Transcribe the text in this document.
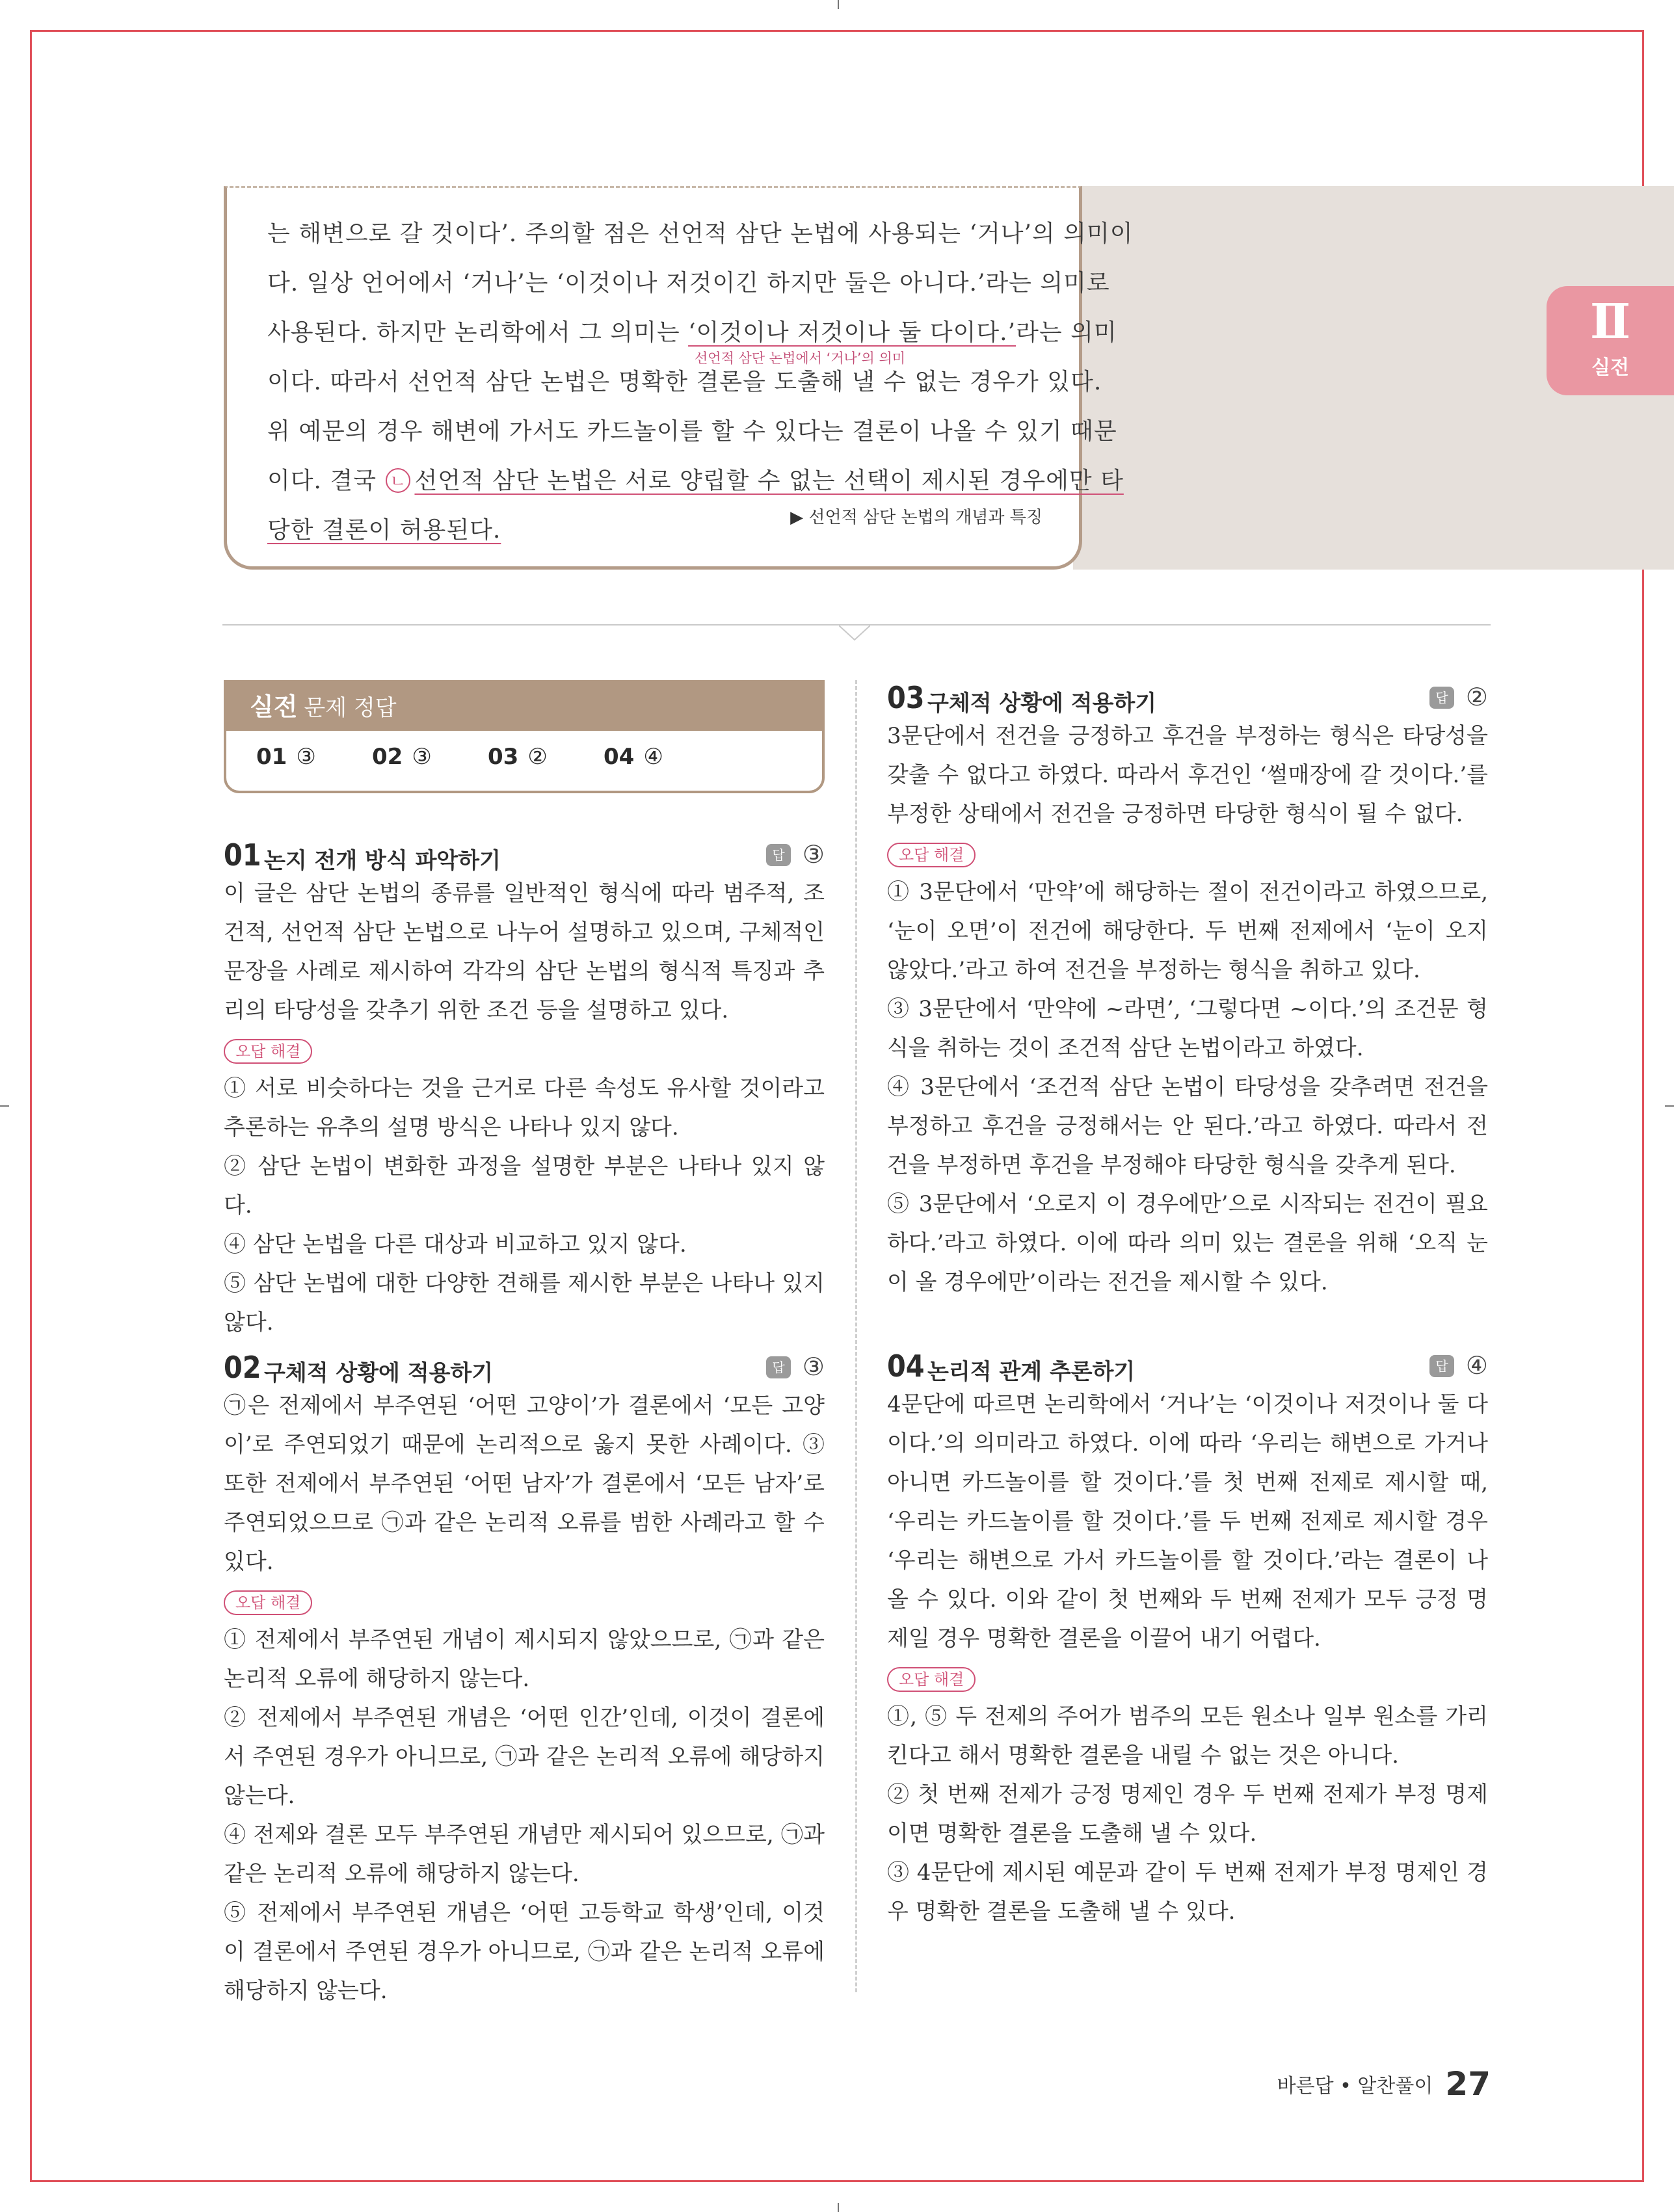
Ⅱ
실전
는 해변으로 갈 것이다’. 주의할 점은 선언적 삼단 논법에 사용되는 ‘거나’의 의미이
다. 일상 언어에서 ‘거나’는 ‘이것이나 저것이긴 하지만 둘은 아니다.’라는 의미로
사용된다. 하지만 논리학에서 그 의미는 ‘이것이나 저것이나 둘 다이다.’라는 의미
선언적 삼단 논법에서 ‘거나’의 의미
이다. 따라서 선언적 삼단 논법은 명확한 결론을 도출해 낼 수 없는 경우가 있다.
위 예문의 경우 해변에 가서도 카드놀이를 할 수 있다는 결론이 나올 수 있기 때문
이다. 결국 ㄴ 선언적 삼단 논법은 서로 양립할 수 없는 선택이 제시된 경우에만 타
당한 결론이 허용된다.	▶ 선언적 삼단 논법의 개념과 특징
실전 문제 정답
01 ③	02 ③	03 ②	04 ④
01 논지 전개 방식 파악하기	답 ③

이 글은 삼단 논법의 종류를 일반적인 형식에 따라 범주적, 조건적, 선언적 삼단 논법으로 나누어 설명하고 있으며, 구체적인 문장을 사례로 제시하여 각각의 삼단 논법의 형식적 특징과 추리의 타당성을 갖추기 위한 조건 등을 설명하고 있다.

오답 해결

① 서로 비슷하다는 것을 근거로 다른 속성도 유사할 것이라고 추론하는 유추의 설명 방식은 나타나 있지 않다.

② 삼단 논법이 변화한 과정을 설명한 부분은 나타나 있지 않다.

④ 삼단 논법을 다른 대상과 비교하고 있지 않다.

⑤ 삼단 논법에 대한 다양한 견해를 제시한 부분은 나타나 있지 않다.

02 구체적 상황에 적용하기	답 ③

㉠은 전제에서 부주연된 ‘어떤 고양이’가 결론에서 ‘모든 고양이’로 주연되었기 때문에 논리적으로 옳지 못한 사례이다. ③ 또한 전제에서 부주연된 ‘어떤 남자’가 결론에서 ‘모든 남자’로 주연되었으므로 ㉠과 같은 논리적 오류를 범한 사례라고 할 수 있다.

오답 해결

① 전제에서 부주연된 개념이 제시되지 않았으므로, ㉠과 같은 논리적 오류에 해당하지 않는다.

② 전제에서 부주연된 개념은 ‘어떤 인간’인데, 이것이 결론에서 주연된 경우가 아니므로, ㉠과 같은 논리적 오류에 해당하지 않는다.

④ 전제와 결론 모두 부주연된 개념만 제시되어 있으므로, ㉠과 같은 논리적 오류에 해당하지 않는다.

⑤ 전제에서 부주연된 개념은 ‘어떤 고등학교 학생’인데, 이것이 결론에서 주연된 경우가 아니므로, ㉠과 같은 논리적 오류에 해당하지 않는다.

03 구체적 상황에 적용하기	답 ②

3문단에서 전건을 긍정하고 후건을 부정하는 형식은 타당성을 갖출 수 없다고 하였다. 따라서 후건인 ‘썰매장에 갈 것이다.’를 부정한 상태에서 전건을 긍정하면 타당한 형식이 될 수 없다.

오답 해결

① 3문단에서 ‘만약’에 해당하는 절이 전건이라고 하였으므로, ‘눈이 오면’이 전건에 해당한다. 두 번째 전제에서 ‘눈이 오지 않았다.’라고 하여 전건을 부정하는 형식을 취하고 있다.

③ 3문단에서 ‘만약에 ~라면’, ‘그렇다면 ~이다.’의 조건문 형식을 취하는 것이 조건적 삼단 논법이라고 하였다.

④ 3문단에서 ‘조건적 삼단 논법이 타당성을 갖추려면 전건을 부정하고 후건을 긍정해서는 안 된다.’라고 하였다. 따라서 전건을 부정하면 후건을 부정해야 타당한 형식을 갖추게 된다.

⑤ 3문단에서 ‘오로지 이 경우에만’으로 시작되는 전건이 필요하다.’라고 하였다. 이에 따라 의미 있는 결론을 위해 ‘오직 눈이 올 경우에만’이라는 전건을 제시할 수 있다.

04 논리적 관계 추론하기	답 ④

4문단에 따르면 논리학에서 ‘거나’는 ‘이것이나 저것이나 둘 다이다.’의 의미라고 하였다. 이에 따라 ‘우리는 해변으로 가거나 아니면 카드놀이를 할 것이다.’를 첫 번째 전제로 제시할 때, ‘우리는 카드놀이를 할 것이다.’를 두 번째 전제로 제시할 경우 ‘우리는 해변으로 가서 카드놀이를 할 것이다.’라는 결론이 나올 수 있다. 이와 같이 첫 번째와 두 번째 전제가 모두 긍정 명제일 경우 명확한 결론을 이끌어 내기 어렵다.

오답 해결

①, ⑤ 두 전제의 주어가 범주의 모든 원소나 일부 원소를 가리킨다고 해서 명확한 결론을 내릴 수 없는 것은 아니다.

② 첫 번째 전제가 긍정 명제인 경우 두 번째 전제가 부정 명제이면 명확한 결론을 도출해 낼 수 있다.

③ 4문단에 제시된 예문과 같이 두 번째 전제가 부정 명제인 경우 명확한 결론을 도출해 낼 수 있다.

바른답 • 알찬풀이 27
